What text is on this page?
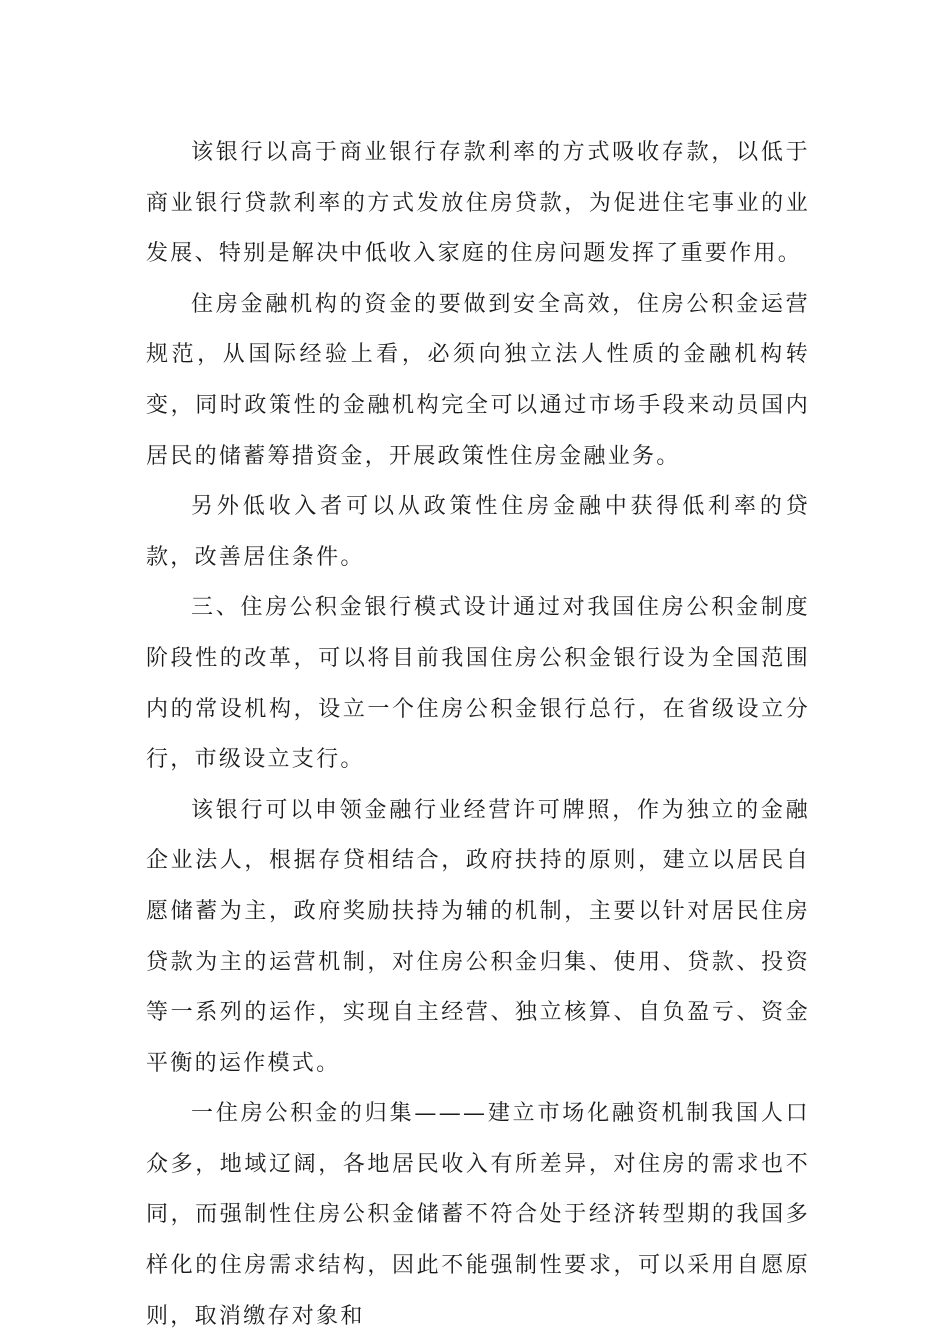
该银行以高于商业银行存款利率的方式吸收存款，以低于商业银行贷款利率的方式发放住房贷款，为促进住宅事业的业发展、特别是解决中低收入家庭的住房问题发挥了重要作用。

住房金融机构的资金的要做到安全高效，住房公积金运营规范，从国际经验上看，必须向独立法人性质的金融机构转变，同时政策性的金融机构完全可以通过市场手段来动员国内居民的储蓄筹措资金，开展政策性住房金融业务。

另外低收入者可以从政策性住房金融中获得低利率的贷款，改善居住条件。

三、住房公积金银行模式设计通过对我国住房公积金制度阶段性的改革，可以将目前我国住房公积金银行设为全国范围内的常设机构，设立一个住房公积金银行总行，在省级设立分行，市级设立支行。

该银行可以申领金融行业经营许可牌照，作为独立的金融企业法人，根据存贷相结合，政府扶持的原则，建立以居民自愿储蓄为主，政府奖励扶持为辅的机制，主要以针对居民住房贷款为主的运营机制，对住房公积金归集、使用、贷款、投资等一系列的运作，实现自主经营、独立核算、自负盈亏、资金平衡的运作模式。

一住房公积金的归集———建立市场化融资机制我国人口众多，地域辽阔，各地居民收入有所差异，对住房的需求也不同，而强制性住房公积金储蓄不符合处于经济转型期的我国多样化的住房需求结构，因此不能强制性要求，可以采用自愿原则，取消缴存对象和
